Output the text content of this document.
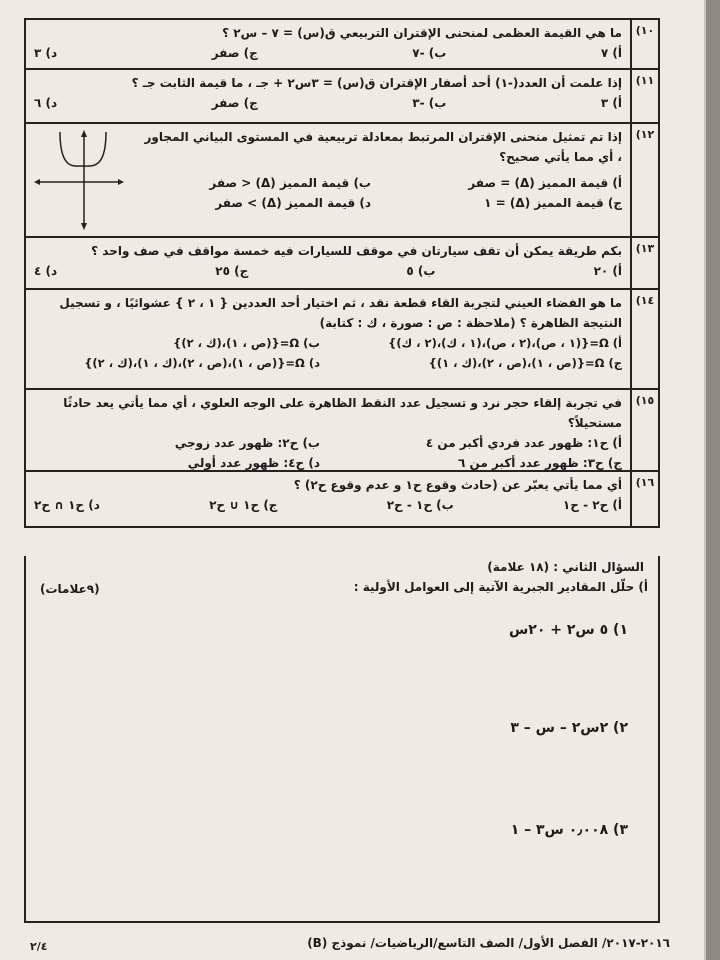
١٠)
ما هي القيمة العظمى لمنحنى الإقتران التربيعي ق(س) = ٧ – س٢ ؟
أ) ٧
ب) -٧
ج) صفر
د) ٣
١١)
إذا علمت أن العدد(-١) أحد أصفار الإقتران ق(س) = ٣س٢ + جـ ، ما قيمة الثابت جـ ؟
أ) ٣
ب) -٣
ج) صفر
د) ٦
١٢)
إذا تم تمثيل منحنى الإقتران المرتبط بمعادلة تربيعية في المستوى البياني المجاور ، أي مما يأتي صحيح؟
أ) قيمة المميز (Δ) = صفر
ب) قيمة المميز (Δ) < صفر
ج) قيمة المميز (Δ) = ١
د) قيمة المميز (Δ) > صفر
١٣)
بكم طريقة يمكن أن تقف سيارتان في موقف للسيارات فيه خمسة مواقف في صف واحد ؟
أ) ٢٠
ب) ٥
ج) ٢٥
د) ٤
١٤)
ما هو الفضاء العيني لتجربة القاء قطعة نقد ، ثم اختيار أحد العددين { ١ ، ٢ } عشوائيًا ، و تسجيل النتيجة الظاهرة ؟ (ملاحظة : ص : صورة ، ك : كتابة)
أ) Ω={(١ ، ص)،(٢ ، ص)،(١ ، ك)،(٢ ، ك)}
ب) Ω={(ص ، ١)،(ك ، ٢)}
ج) Ω={(ص ، ١)،(ص ، ٢)،(ك ، ١)}
د) Ω={(ص ، ١)،(ص ، ٢)،(ك ، ١)،(ك ، ٢)}
١٥)
في تجربة إلقاء حجر نرد و تسجيل عدد النقط الظاهرة على الوجه العلوي ، أي مما يأتي يعد حادثًا مستحيلاً؟
أ) ح١: ظهور عدد فردي أكبر من ٤
ب) ح٢: ظهور عدد زوجي
ج) ح٣: ظهور عدد أكبر من ٦
د) ح٤: ظهور عدد أولي
١٦)
أي مما يأتي يعبّر عن (حادث وقوع ح١ و عدم وقوع ح٢) ؟
أ) ح٢ - ح١
ب) ح١ - ح٢
ج) ح١ ∪ ح٢
د) ح١ ∩ ح٢
السؤال الثاني : (١٨ علامة)
أ) حلّل المقادير الجبرية الآتية إلى العوامل الأولية :
(٩علامات)
١) ٥ س٢ + ٢٠س
٢) ٢س٢ – س – ٣
٣) ٠٫٠٠٨ س٣ – ١
٢٠١٦-٢٠١٧/ الفصل الأول/ الصف التاسع/الرياضيات/ نموذج (B)
٢/٤
